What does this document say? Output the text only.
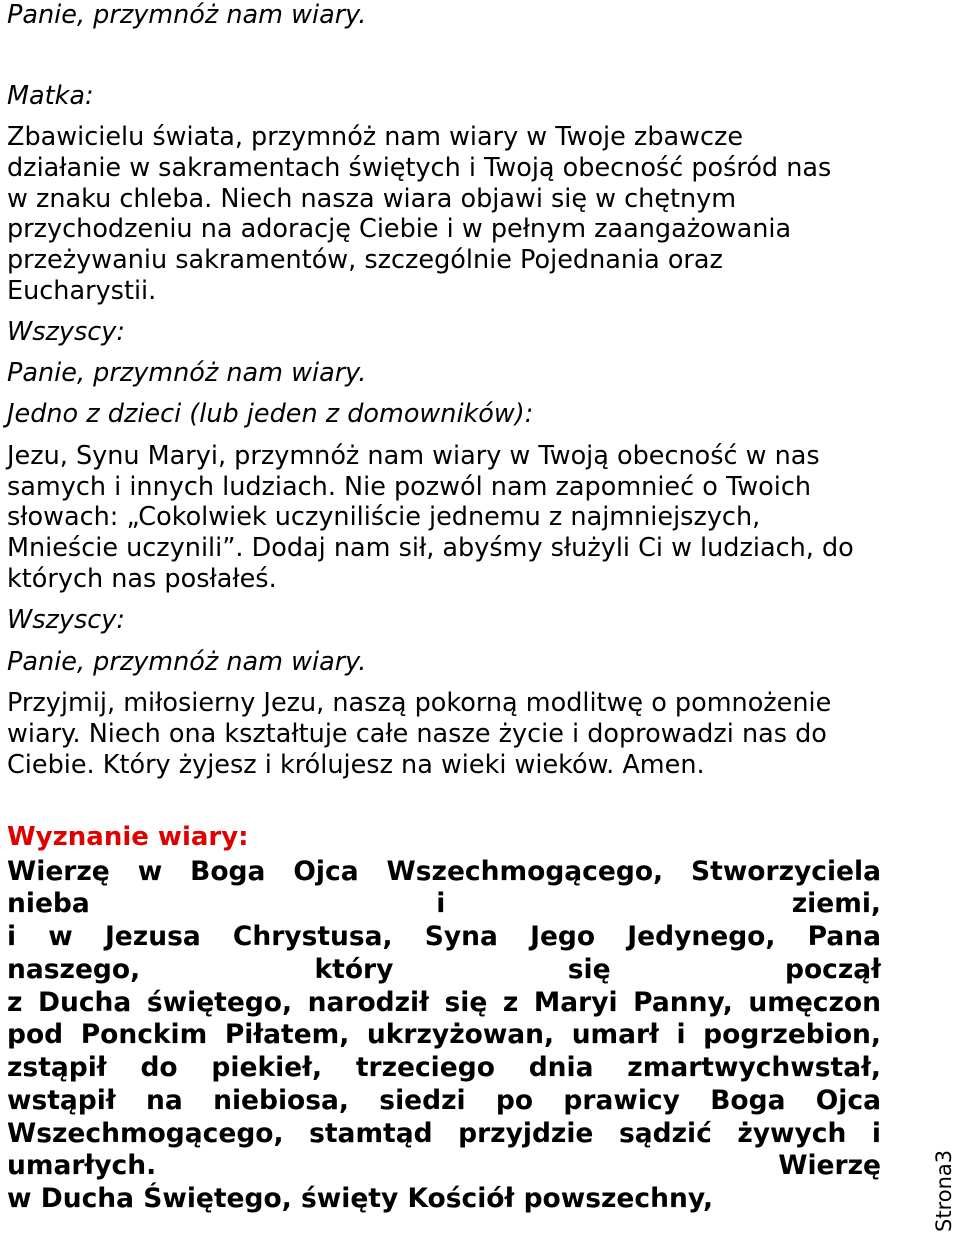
Panie, przymnóż nam wiary.

Matka:

Zbawicielu świata, przymnóż nam wiary w Twoje zbawcze

działanie w sakramentach świętych i Twoją obecność pośród nas

w znaku chleba. Niech nasza wiara objawi się w chętnym

przychodzeniu na adorację Ciebie i w pełnym zaangażowania

przeżywaniu sakramentów, szczególnie Pojednania oraz

Eucharystii.

Wszyscy:

Panie, przymnóż nam wiary.

Jedno z dzieci (lub jeden z domowników):

Jezu, Synu Maryi, przymnóż nam wiary w Twoją obecność w nas

samych i innych ludziach. Nie pozwól nam zapomnieć o Twoich

słowach: „Cokolwiek uczyniliście jednemu z najmniejszych,

Mnieście uczynili”. Dodaj nam sił, abyśmy służyli Ci w ludziach, do

których nas posłałeś.

Wszyscy:

Panie, przymnóż nam wiary.

Przyjmij, miłosierny Jezu, naszą pokorną modlitwę o pomnożenie

wiary. Niech ona kształtuje całe nasze życie i doprowadzi nas do

Ciebie. Który żyjesz i królujesz na wieki wieków. Amen.

Wyznanie wiary:

Wierzę w Boga Ojca Wszechmogącego, Stworzyciela

nieba i ziemi,

i w Jezusa Chrystusa, Syna Jego Jedynego, Pana

naszego, który się począł

z Ducha świętego, narodził się z Maryi Panny, umęczon

pod Ponckim Piłatem, ukrzyżowan, umarł i pogrzebion,

zstąpił do piekieł, trzeciego dnia zmartwychwstał,

wstąpił na niebiosa, siedzi po prawicy Boga Ojca

Wszechmogącego, stamtąd przyjdzie sądzić żywych i

umarłych. Wierzę

w Ducha Świętego, święty Kościół powszechny,	Strona3
